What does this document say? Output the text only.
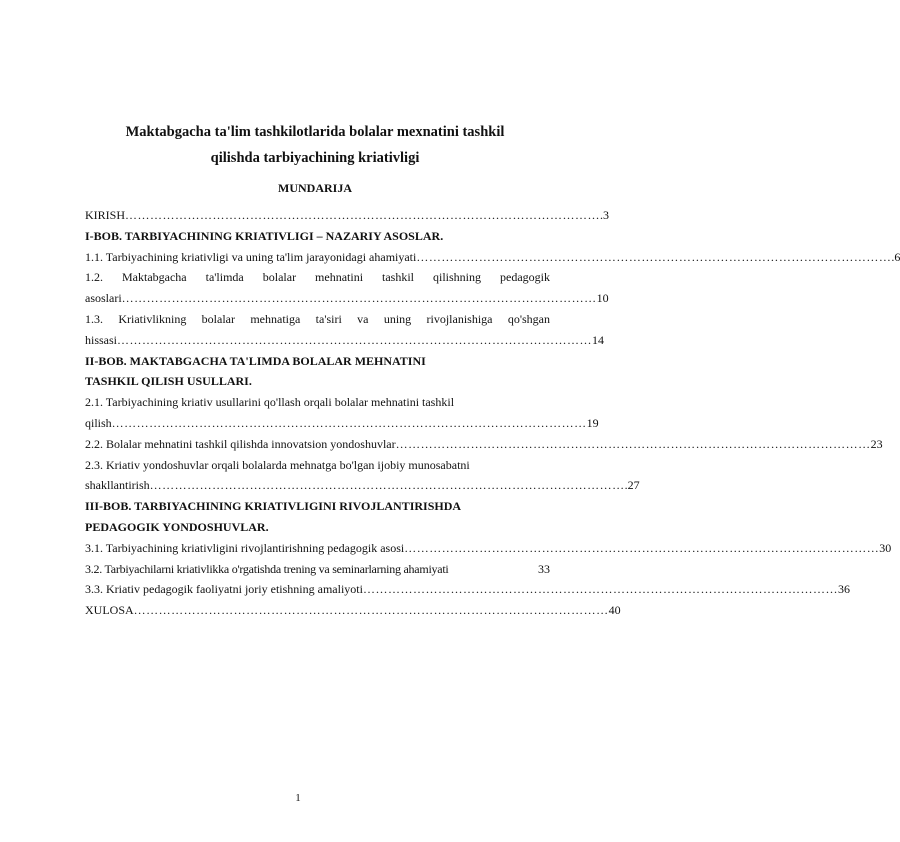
Maktabgacha ta'lim tashkilotlarida bolalar mexnatini tashkil
qilishda tarbiyachining kriativligi
MUNDARIJA
KIRISH …………………………………………………………………………………………………… .3
I-BOB. TARBIYACHINING KRIATIVLIGI – NAZARIY ASOSLAR.
1.1. Tarbiyachining kriativligi va uning ta'lim jarayonidagi ahamiyati …………………………………………………………………………………………………… .6
1.2. Maktabgacha ta'limda bolalar mehnatini tashkil qilishning pedagogik
asoslari …………………………………………………………………………………………………… 10
1.3. Kriativlikning bolalar mehnatiga ta'siri va uning rivojlanishiga qo'shgan
hissasi …………………………………………………………………………………………………… 14
II-BOB. MAKTABGACHA TA'LIMDA BOLALAR MEHNATINI
TASHKIL QILISH USULLARI.
2.1. Tarbiyachining kriativ usullarini qo'llash orqali bolalar mehnatini tashkil
qilish …………………………………………………………………………………………………… 19
2.2. Bolalar mehnatini tashkil qilishda innovatsion yondoshuvlar …………………………………………………………………………………………………… 23
2.3. Kriativ yondoshuvlar orqali bolalarda mehnatga bo'lgan ijobiy munosabatni
shakllantirish …………………………………………………………………………………………………… .27
III-BOB. TARBIYACHINING KRIATIVLIGINI RIVOJLANTIRISHDA
PEDAGOGIK YONDOSHUVLAR.
3.1. Tarbiyachining kriativligini rivojlantirishning pedagogik asosi …………………………………………………………………………………………………… 30
3.2. Tarbiyachilarni kriativlikka o'rgatishda trening va seminarlarning ahamiyati	33
3.3. Kriativ pedagogik faoliyatni joriy etishning amaliyoti …………………………………………………………………………………………………… 36
XULOSA …………………………………………………………………………………………………… 40
1
